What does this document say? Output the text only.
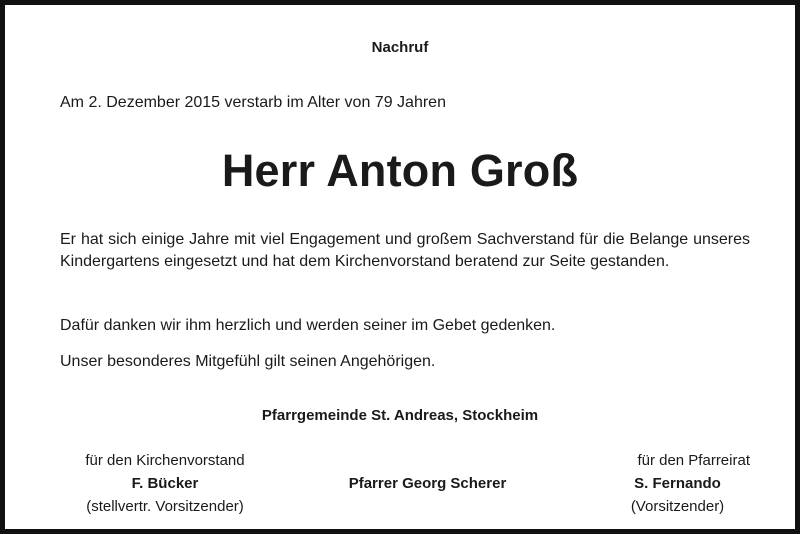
Nachruf
Am 2. Dezember 2015 verstarb im Alter von 79 Jahren
Herr Anton Groß
Er hat sich einige Jahre mit viel Engagement und großem Sachverstand für die Belange unseres Kindergartens eingesetzt und hat dem Kirchenvorstand beratend zur Seite gestanden.
Dafür danken wir ihm herzlich und werden seiner im Gebet gedenken.
Unser besonderes Mitgefühl gilt seinen Angehörigen.
Pfarrgemeinde St. Andreas, Stockheim
für den Kirchenvorstand
F. Bücker
(stellvertr. Vorsitzender)
Pfarrer Georg Scherer
für den Pfarreirat
S. Fernando
(Vorsitzender)
